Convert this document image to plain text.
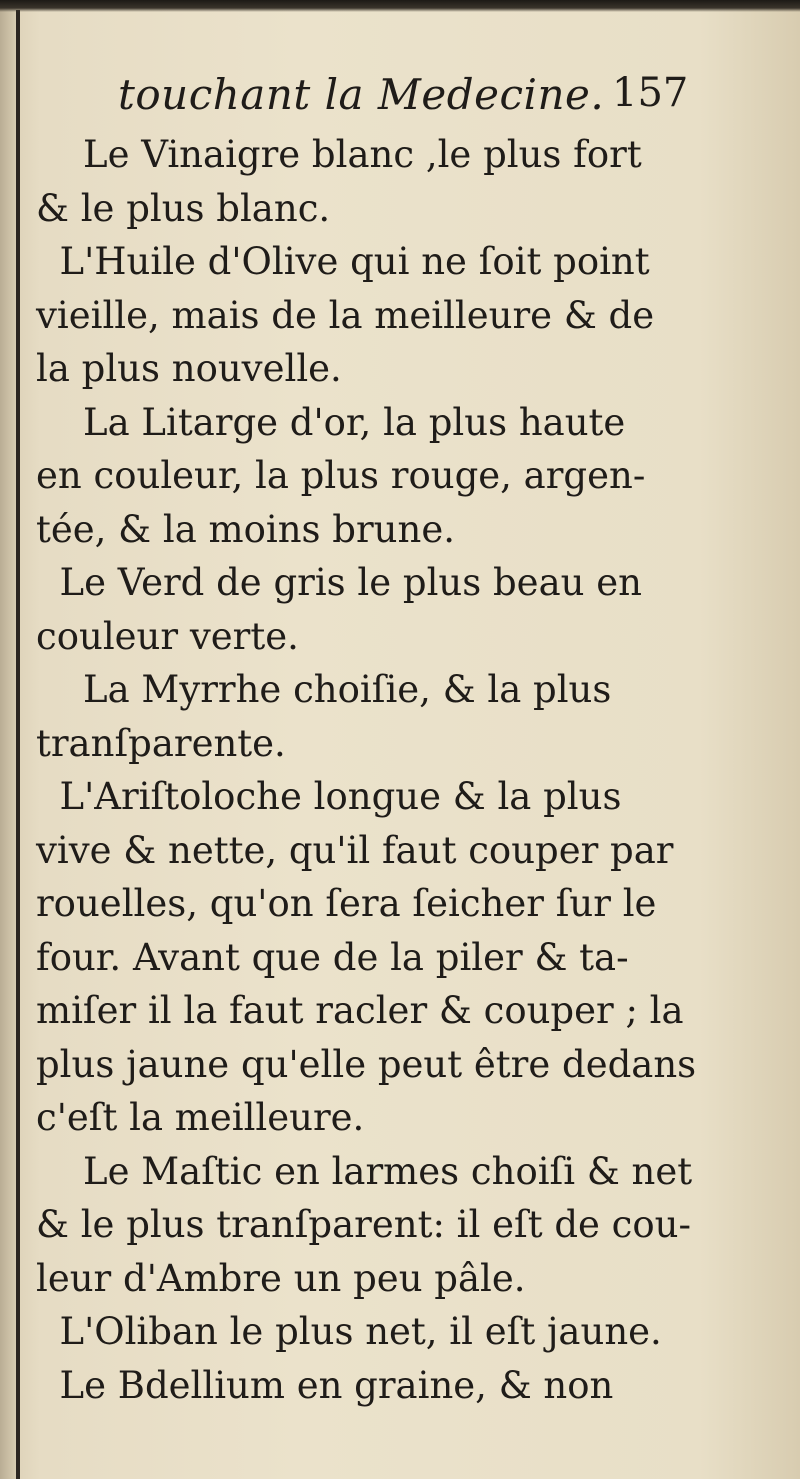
touchant la Medecine. 157
Le Vinaigre blanc ,le plus fort
& le plus blanc.
L'Huile d'Olive qui ne ſoit point
vieille, mais de la meilleure & de
la plus nouvelle.
La Litarge d'or, la plus haute
en couleur, la plus rouge, argen-
tée, & la moins brune.
Le Verd de gris le plus beau en
couleur verte.
La Myrrhe choiſie, & la plus
tranſparente.
L'Ariſtoloche longue & la plus
vive & nette, qu'il faut couper par
rouelles, qu'on ſera ſeicher ſur le
four. Avant que de la piler & ta-
miſer il la faut racler & couper ; la
plus jaune qu'elle peut être dedans
c'eſt la meilleure.
Le Maſtic en larmes choiſi & net
& le plus tranſparent: il eſt de cou-
leur d'Ambre un peu pâle.
L'Oliban le plus net, il eſt jaune.
Le Bdellium en graine, & non
